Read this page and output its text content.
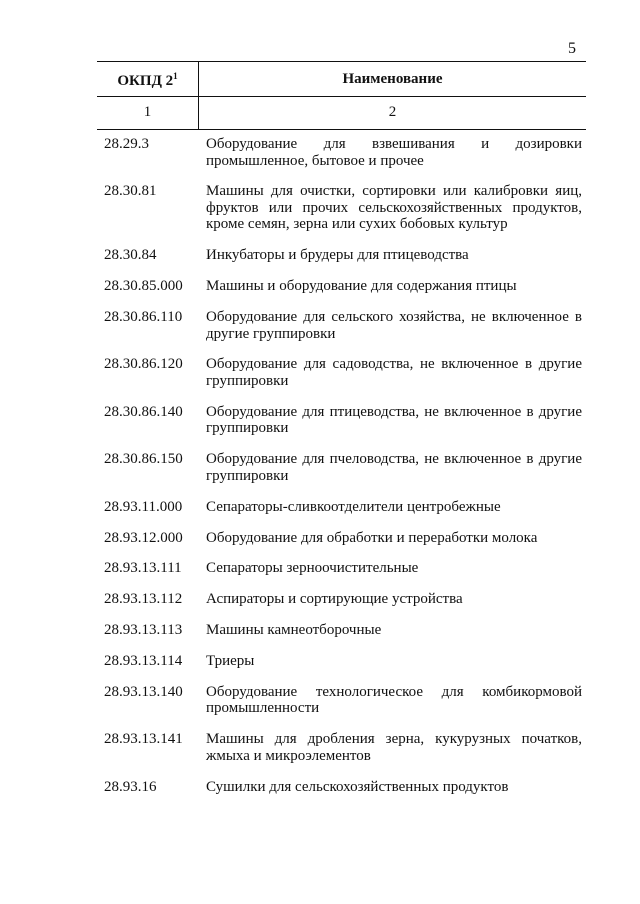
5
ОКПД $2^1$	Наименование
1	2
28.29.3	Оборудование для взвешивания и дозировки промышленное, бытовое и прочее
28.30.81	Машины для очистки, сортировки или калибровки яиц, фруктов или прочих сельскохозяйственных продуктов, кроме семян, зерна или сухих бобовых культур
28.30.84	Инкубаторы и брудеры для птицеводства
28.30.85.000	Машины и оборудование для содержания птицы
28.30.86.110	Оборудование для сельского хозяйства, не включенное в другие группировки
28.30.86.120	Оборудование для садоводства, не включенное в другие группировки
28.30.86.140	Оборудование для птицеводства, не включенное в другие группировки
28.30.86.150	Оборудование для пчеловодства, не включенное в другие группировки
28.93.11.000	Сепараторы-сливкоотделители центробежные
28.93.12.000	Оборудование для обработки и переработки молока
28.93.13.111	Сепараторы зерноочистительные
28.93.13.112	Аспираторы и сортирующие устройства
28.93.13.113	Машины камнеотборочные
28.93.13.114	Триеры
28.93.13.140	Оборудование технологическое для комбикормовой промышленности
28.93.13.141	Машины для дробления зерна, кукурузных початков, жмыха и микроэлементов
28.93.16	Сушилки для сельскохозяйственных продуктов
